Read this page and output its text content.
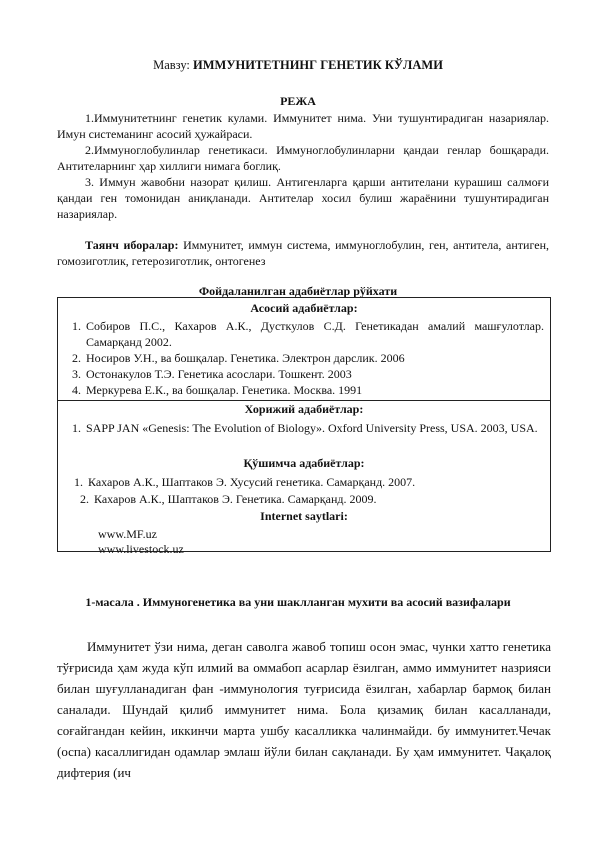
Мавзу: ИММУНИТЕТНИНГ ГЕНЕТИК КЎЛАМИ
РЕЖА

1.Иммунитетнинг генетик кулами. Иммунитет нима. Уни тушунтирадиган назариялар. Имун системанинг асосий ҳужайраси.

2.Иммуноглобулинлар генетикаси. Иммуноглобулинларни қандаи генлар бошқаради. Антителарнинг ҳар хиллиги нимага боглиқ.

3. Иммун жавобни назорат қилиш. Антигенларга қарши антителани курашиш салмоғи қандаи ген томонидан аниқланади. Антителар хосил булиш жараёнини тушунтирадиган назариялар.

Таянч иборалар: Иммунитет, иммун система, иммуноглобулин, ген, антитела, антиген, гомозиготлик, гетерозиготлик, онтогенез

Фойдаланилган адабиётлар рўйхати
Асосий адабиётлар:
1. Собиров П.С., Кахаров А.К., Дусткулов С.Д. Генетикадан амалий машғулотлар. Самарқанд 2002.
2. Носиров У.Н., ва бошқалар. Генетика. Электрон дарслик. 2006
3. Остонакулов Т.Э. Генетика асослари. Тошкент. 2003
4. Меркурева Е.К., ва бошқалар. Генетика. Москва. 1991
Хорижий адабиётлар:
1. SAPP JAN «Genesis: The Evolution of Biology». Oxford University Press, USA. 2003, USA.
Қўшимча адабиётлар:
1. Кахаров А.К., Шаптаков Э. Хусусий генетика. Самарқанд. 2007.
2. Кахаров А.К., Шаптаков Э. Генетика. Самарқанд. 2009.
Internet saytlari:
www.MF.uz
www.livestock.uz
1-масала . Иммуногенетика ва уни шаклланган мухити ва асосий вазифалари

Иммунитет ўзи нима, деган саволга жавоб топиш осон эмас, чунки хатто генетика тўғрисида ҳам жуда кўп илмий ва оммабоп асарлар ёзилган, аммо иммунитет назрияси билан шуғулланадиган фан -иммунология туғрисида ёзилган, хабарлар бармоқ билан саналади. Шундай қилиб иммунитет нима. Бола қизамиқ билан касалланади, соғайгандан кейин, иккинчи марта ушбу касалликка чалинмайди. бу иммунитет.Чечак (оспа) касаллигидан одамлар эмлаш йўли билан сақланади. Бу ҳам иммунитет. Чақалоқ дифтерия (ич
